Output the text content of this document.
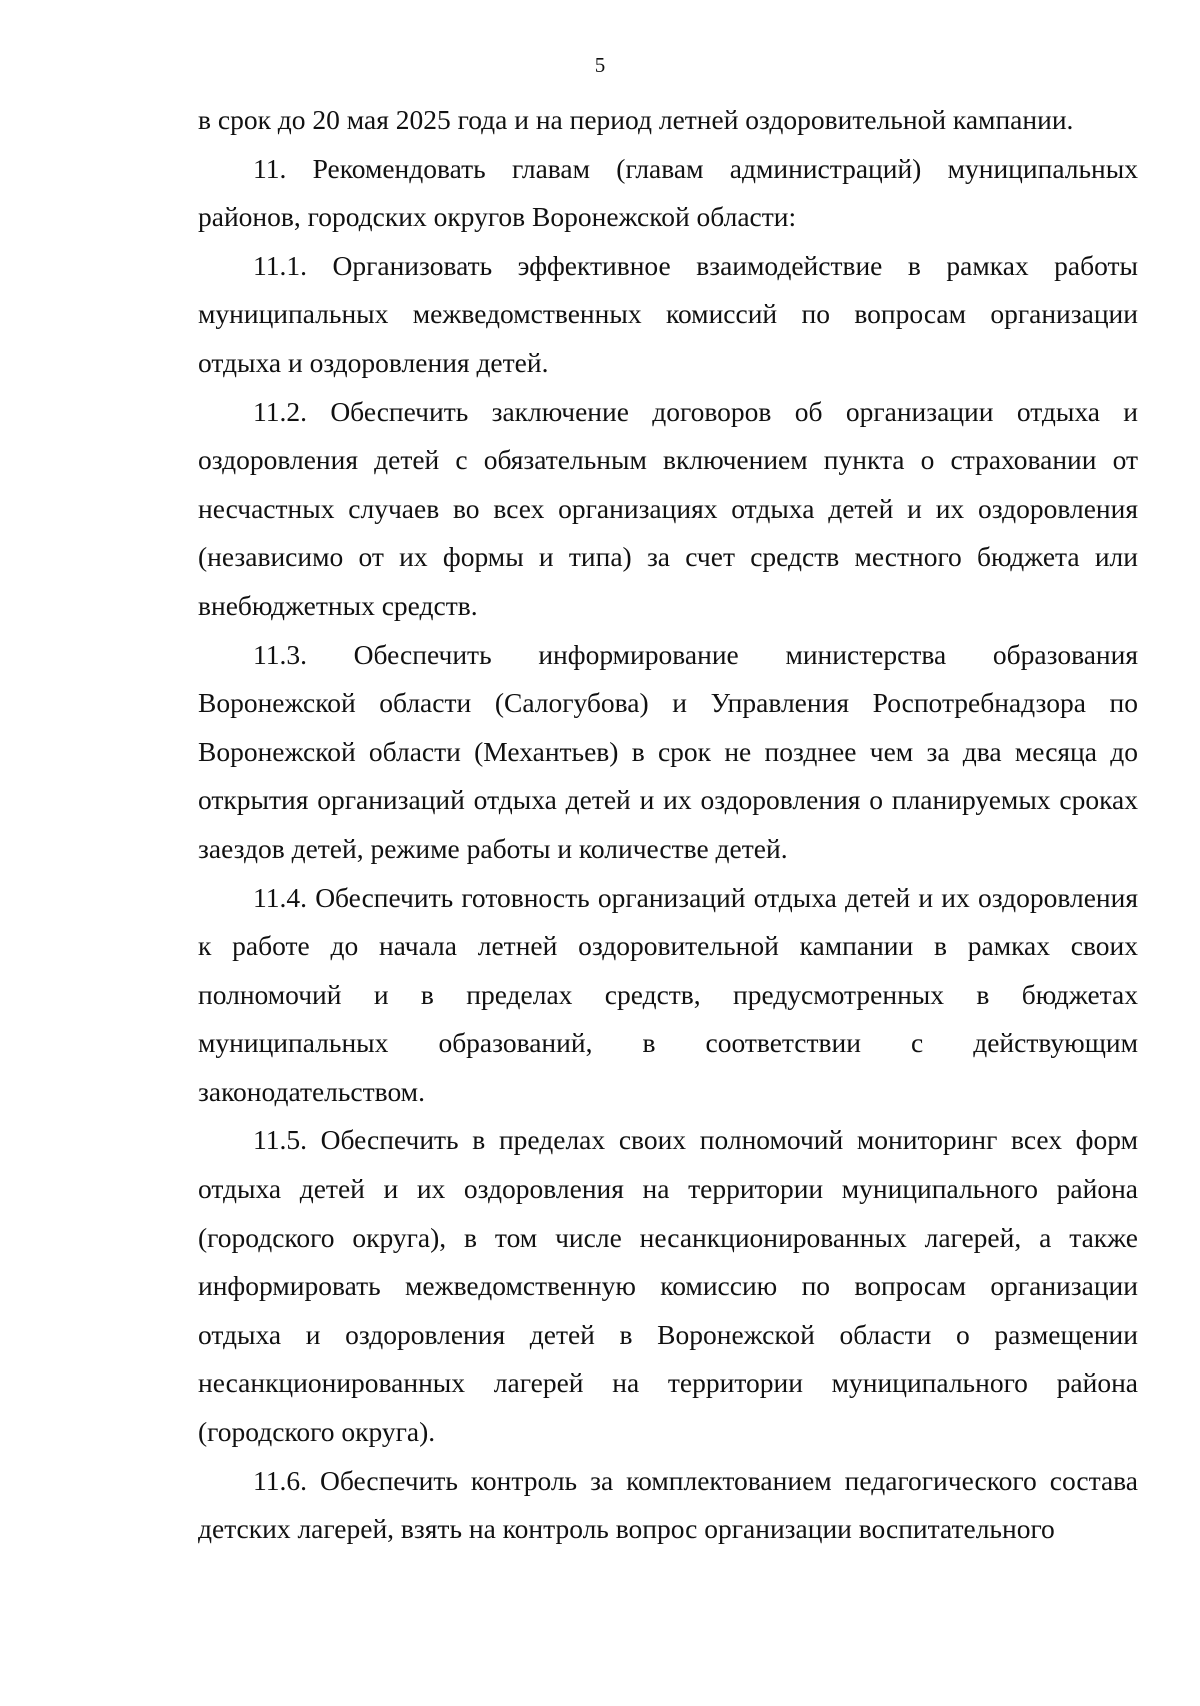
5

в срок до 20 мая 2025 года и на период летней оздоровительной кампании.

11. Рекомендовать главам (главам администраций) муниципальных районов, городских округов Воронежской области:

11.1. Организовать эффективное взаимодействие в рамках работы муниципальных межведомственных комиссий по вопросам организации отдыха и оздоровления детей.

11.2. Обеспечить заключение договоров об организации отдыха и оздоровления детей с обязательным включением пункта о страховании от несчастных случаев во всех организациях отдыха детей и их оздоровления (независимо от их формы и типа) за счет средств местного бюджета или внебюджетных средств.

11.3. Обеспечить информирование министерства образования Воронежской области (Салогубова) и Управления Роспотребнадзора по Воронежской области (Механтьев) в срок не позднее чем за два месяца до открытия организаций отдыха детей и их оздоровления о планируемых сроках заездов детей, режиме работы и количестве детей.

11.4. Обеспечить готовность организаций отдыха детей и их оздоровления к работе до начала летней оздоровительной кампании в рамках своих полномочий и в пределах средств, предусмотренных в бюджетах муниципальных образований, в соответствии с действующим законодательством.

11.5. Обеспечить в пределах своих полномочий мониторинг всех форм отдыха детей и их оздоровления на территории муниципального района (городского округа), в том числе несанкционированных лагерей, а также информировать межведомственную комиссию по вопросам организации отдыха и оздоровления детей в Воронежской области о размещении несанкционированных лагерей на территории муниципального района (городского округа).

11.6. Обеспечить контроль за комплектованием педагогического состава детских лагерей, взять на контроль вопрос организации воспитательного
